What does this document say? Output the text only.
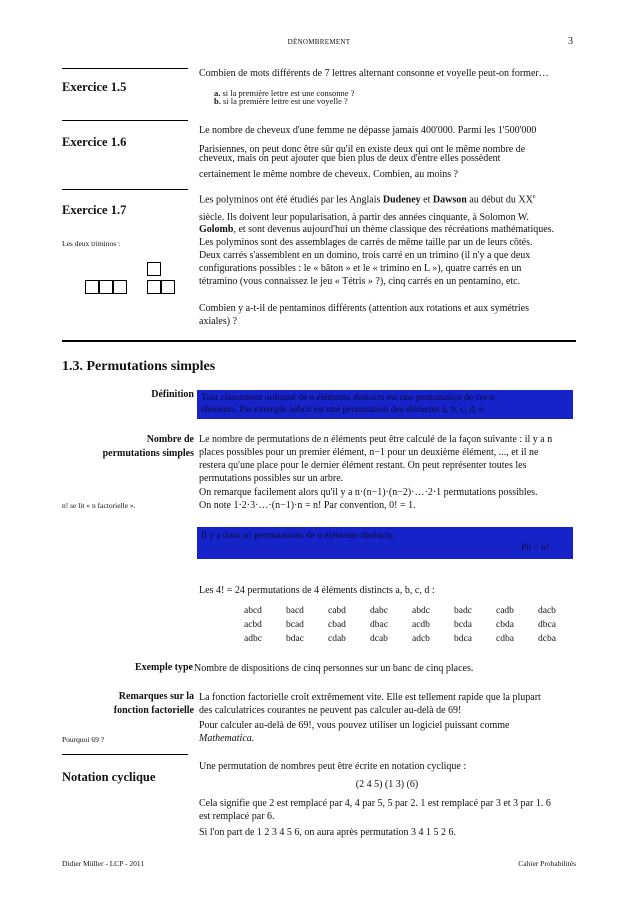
DÉNOMBREMENT	3
Exercice 1.5
Combien de mots différents de 7 lettres alternant consonne et voyelle peut-on former…
a. si la première lettre est une consonne ?
b. si la première lettre est une voyelle ?
Exercice 1.6
Le nombre de cheveux d'une femme ne dépasse jamais 400'000. Parmi les 1'500'000
Parisiennes, on peut donc être sûr qu'il en existe deux qui ont le même nombre de
cheveux, mais on peut ajouter que bien plus de deux d'entre elles possèdent
certainement le même nombre de cheveux. Combien, au moins ?
Exercice 1.7
Les polyminos ont été étudiés par les Anglais Dudeney et Dawson au début du XXe
siècle. Ils doivent leur popularisation, à partir des années cinquante, à Solomon W.
Golomb, et sont devenus aujourd'hui un thème classique des récréations mathématiques.
Les deux triminos :	Les polyminos sont des assemblages de carrés de même taille par un de leurs côtés.
Deux carrés s'assemblent en un domino, trois carré en un trimino (il n'y a que deux
configurations possibles : le « bâton » et le « trimino en L »), quatre carrés en un
tétramino (vous connaissez le jeu « Tétris » ?), cinq carrés en un pentamino, etc.
Combien y a-t-il de pentaminos différents (attention aux rotations et aux symétries
axiales) ?
1.3. Permutations simples
Définition Tout classement ordonné de n éléments distincts est une permutation de ces n
éléments. Par exemple aebcd est une permutation des éléments a, b, c, d, e.
Nombre de
permutations simples
Le nombre de permutations de n éléments peut être calculé de la façon suivante : il y a n
places possibles pour un premier élément, n−1 pour un deuxième élément, ..., et il ne
restera qu'une place pour le dernier élément restant. On peut représenter toutes les
permutations possibles sur un arbre.
On remarque facilement alors qu'il y a n·(n−1)·(n−2)·…·2·1 permutations possibles.
n! se lit « n factorielle ».	On note 1·2·3·…·(n−1)·n = n! Par convention, 0! = 1.
Il y a donc n! permutations de n éléments distincts.
Pn = n!
Les 4! = 24 permutations de 4 éléments distincts a, b, c, d :
abcd	bacd	cabd	dabc	abdc	badc	cadb	dacb
acbd	bcad	cbad	dbac	acdb	bcda	cbda	dbca
adbc	bdac	cdab	dcab	adcb	bdca	cdba	dcba
Exemple type Nombre de dispositions de cinq personnes sur un banc de cinq places.
Remarques sur la
fonction factorielle
La fonction factorielle croît extrêmement vite. Elle est tellement rapide que la plupart
des calculatrices courantes ne peuvent pas calculer au-delà de 69!
Pour calculer au-delà de 69!, vous pouvez utiliser un logiciel puissant comme
Pourquoi 69 ?	Mathematica.
Notation cyclique
Une permutation de nombres peut être écrite en notation cyclique :
(2 4 5) (1 3) (6)
Cela signifie que 2 est remplacé par 4, 4 par 5, 5 par 2. 1 est remplacé par 3 et 3 par 1. 6
est remplacé par 6.
Si l'on part de 1 2 3 4 5 6, on aura après permutation 3 4 1 5 2 6.
Didier Müller - LCP - 2011	Cahier Probabilités
